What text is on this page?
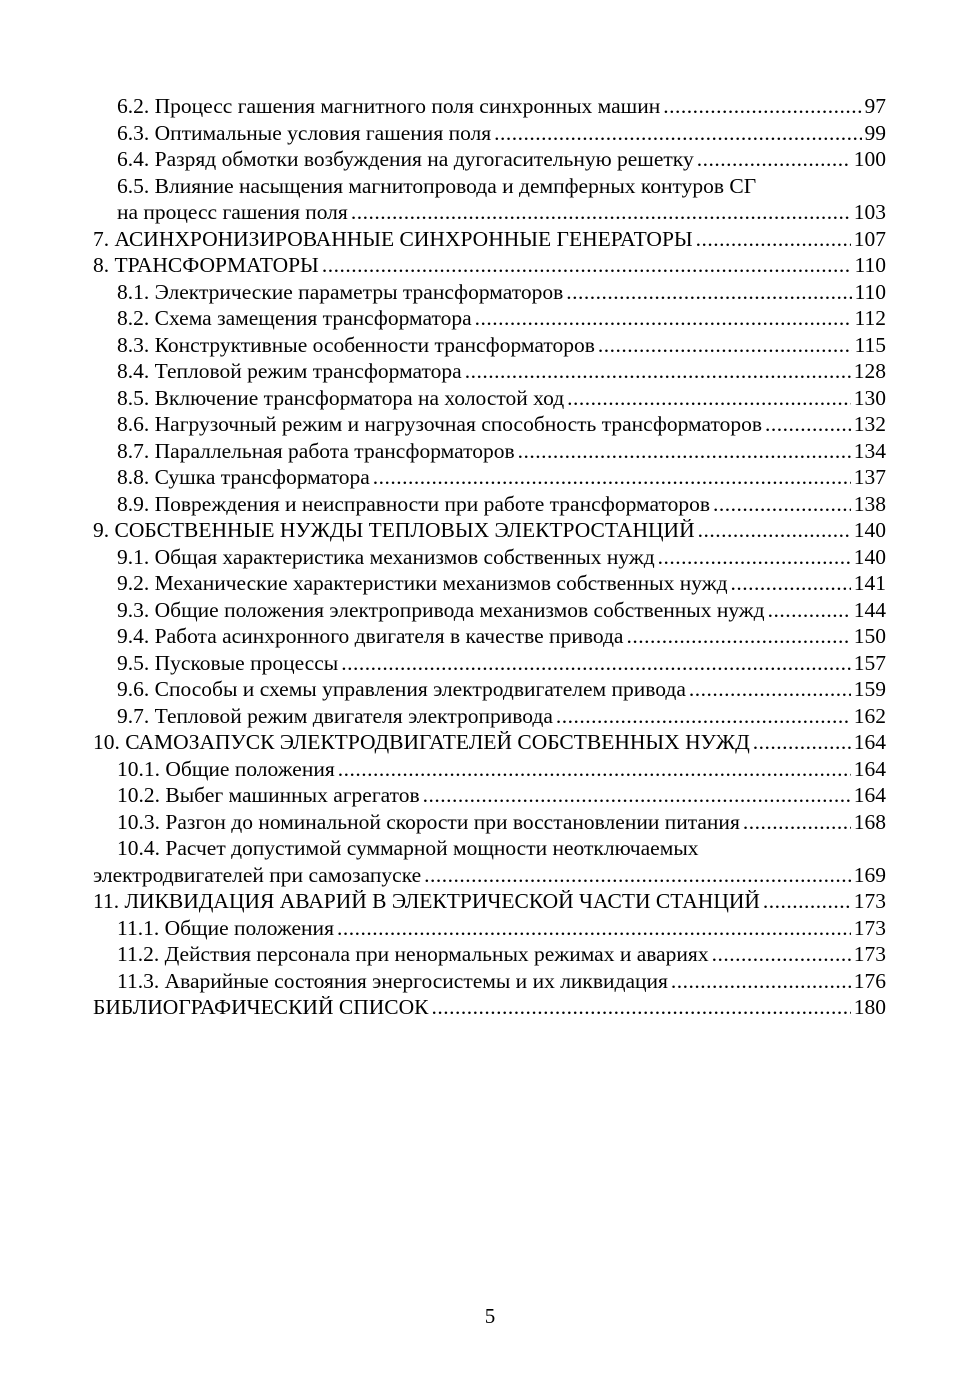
6.2. Процесс гашения магнитного поля синхронных машин .....	97
6.3. Оптимальные условия гашения поля .....	99
6.4. Разряд обмотки возбуждения на дугогасительную решетку .....	100
6.5. Влияние насыщения магнитопровода и демпферных контуров СГ
на процесс гашения поля .....	103
7. АСИНХРОНИЗИРОВАННЫЕ СИНХРОННЫЕ ГЕНЕРАТОРЫ .....	107
8. ТРАНСФОРМАТОРЫ .....	110
8.1. Электрические параметры трансформаторов .....	110
8.2. Схема замещения трансформатора .....	112
8.3. Конструктивные особенности трансформаторов .....	115
8.4. Тепловой режим трансформатора .....	128
8.5. Включение трансформатора на холостой ход .....	130
8.6. Нагрузочный режим и нагрузочная способность трансформаторов .....	132
8.7. Параллельная работа трансформаторов .....	134
8.8. Сушка трансформатора .....	137
8.9. Повреждения и неисправности при работе трансформаторов .....	138
9. СОБСТВЕННЫЕ НУЖДЫ ТЕПЛОВЫХ ЭЛЕКТРОСТАНЦИЙ .....	140
9.1. Общая характеристика механизмов собственных нужд .....	140
9.2. Механические характеристики механизмов собственных нужд .....	141
9.3. Общие положения электропривода механизмов собственных нужд .....	144
9.4. Работа асинхронного двигателя в качестве привода .....	150
9.5. Пусковые процессы .....	157
9.6. Способы и схемы управления электродвигателем привода .....	159
9.7. Тепловой режим двигателя электропривода .....	162
10. САМОЗАПУСК ЭЛЕКТРОДВИГАТЕЛЕЙ СОБСТВЕННЫХ НУЖД .....	164
10.1. Общие положения .....	164
10.2. Выбег машинных агрегатов .....	164
10.3. Разгон до номинальной скорости при восстановлении питания .....	168
10.4. Расчет допустимой суммарной мощности неотключаемых
электродвигателей при самозапуске .....	169
11. ЛИКВИДАЦИЯ АВАРИЙ В ЭЛЕКТРИЧЕСКОЙ ЧАСТИ СТАНЦИЙ .....	173
11.1. Общие положения .....	173
11.2. Действия персонала при ненормальных режимах и авариях .....	173
11.3. Аварийные состояния энергосистемы и их ликвидация .....	176
БИБЛИОГРАФИЧЕСКИЙ СПИСОК .....	180
5
